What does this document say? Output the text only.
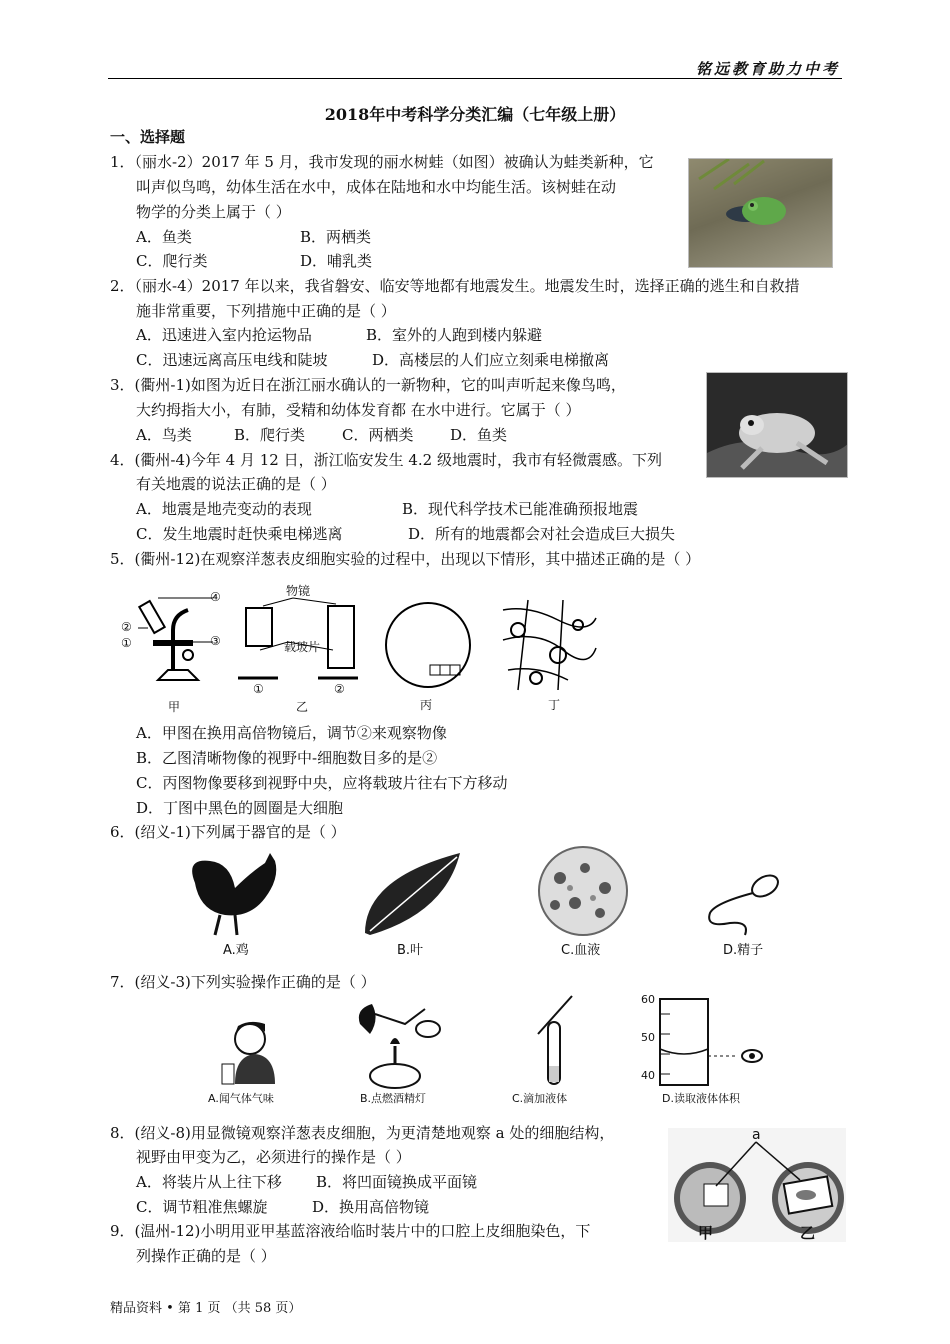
铭远教育助力中考
2018年中考科学分类汇编（七年级上册）
一、选择题
1．（丽水-2）2017 年 5 月，我市发现的丽水树蛙（如图）被确认为蛙类新种，它
叫声似鸟鸣，幼体生活在水中，成体在陆地和水中均能生活。该树蛙在动
物学的分类上属于（ ）
A．鱼类	B．两栖类
C．爬行类	D．哺乳类
2．（丽水-4）2017 年以来，我省磐安、临安等地都有地震发生。地震发生时，选择正确的逃生和自救措
施非常重要，下列措施中正确的是（ ）
A．迅速进入室内抢运物品	B．室外的人跑到楼内躲避
C．迅速远离高压电线和陡坡	D．高楼层的人们应立刻乘电梯撤离
3．(衢州-1)如图为近日在浙江丽水确认的一新物种，它的叫声听起来像鸟鸣，
大约拇指大小，有肺，受精和幼体发育都 在水中进行。它属于（ ）
A．鸟类	B．爬行类 C．两栖类 D．鱼类
4．(衢州-4)今年 4 月 12 日，浙江临安发生 4.2 级地震时，我市有轻微震感。下列
有关地震的说法正确的是（ ）
A．地震是地壳变动的表现	B．现代科学技术已能准确预报地震
C．发生地震时赶快乘电梯逃离	D．所有的地震都会对社会造成巨大损失
5．(衢州-12)在观察洋葱表皮细胞实验的过程中，出现以下情形，其中描述正确的是（ ）
④
②
①	③
物镜
载玻片
①	②
甲	乙	丙	丁
A．甲图在换用高倍物镜后，调节②来观察物像
B．乙图清晰物像的视野中-细胞数目多的是②
C．丙图物像要移到视野中央，应将载玻片往右下方移动
D．丁图中黑色的圆圈是大细胞
6．(绍义-1)下列属于器官的是（ ）
A.鸡	B.叶	C.血液	D.精子
7．(绍义-3)下列实验操作正确的是（ ）
60
50
40
A.闻气体气味	B.点燃酒精灯	C.滴加液体	D.读取液体体积
8．(绍义-8)用显微镜观察洋葱表皮细胞，为更清楚地观察 a 处的细胞结构，
视野由甲变为乙，必须进行的操作是（ ）
A．将装片从上往下移 B．将凹面镜换成平面镜
C．调节粗准焦螺旋	D．换用高倍物镜
a
甲	乙
9．(温州-12)小明用亚甲基蓝溶液给临时装片中的口腔上皮细胞染色，下
列操作正确的是（ ）
精品资料 • 第 1 页 （共 58 页）
